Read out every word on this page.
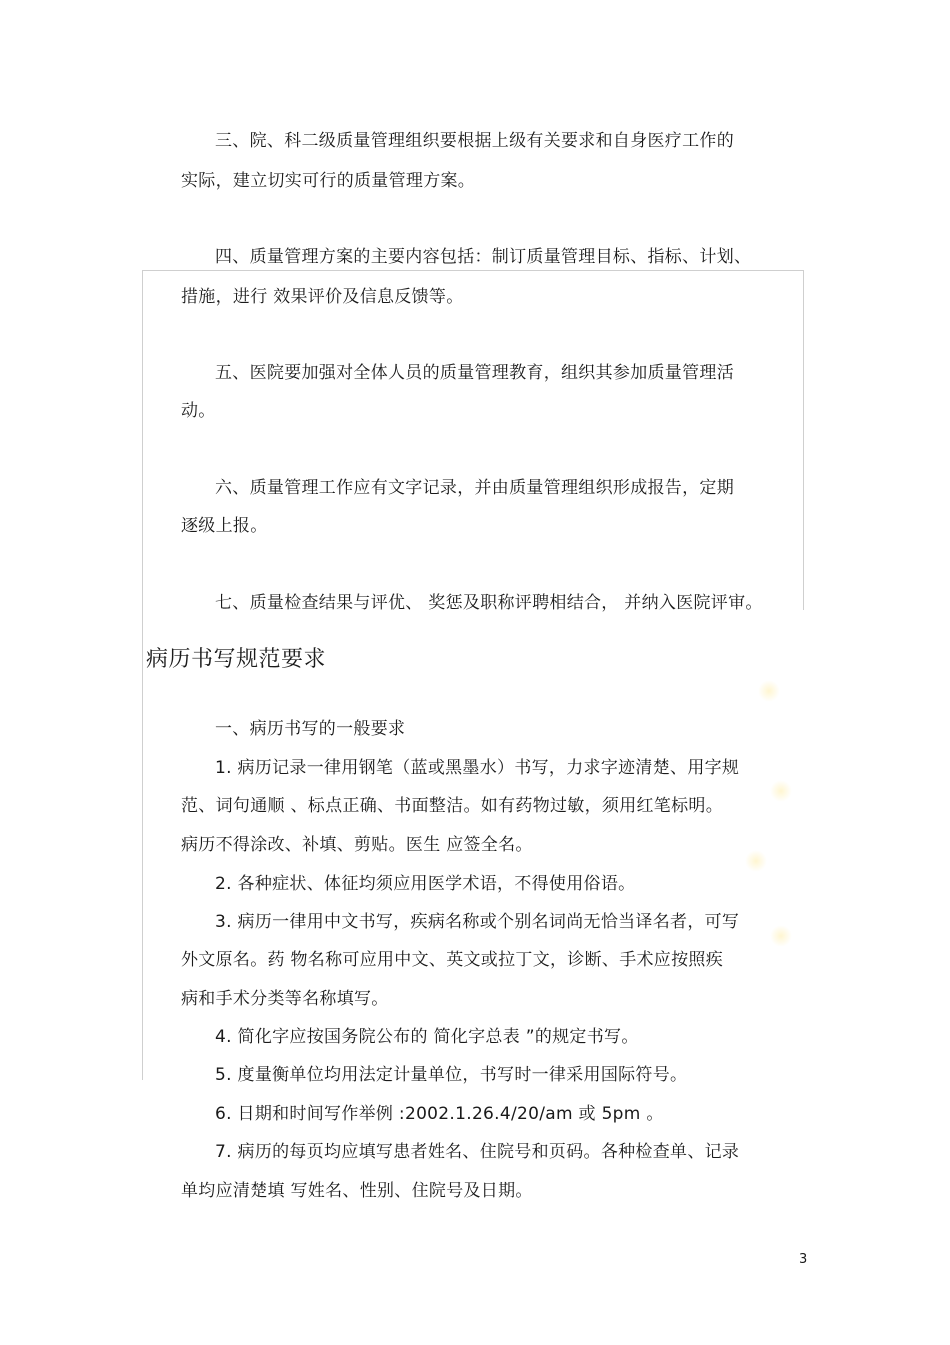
三、院、科二级质量管理组织要根据上级有关要求和自身医疗工作的
实际，建立切实可行的质量管理方案。
四、质量管理方案的主要内容包括：制订质量管理目标、指标、计划、
措施，进行 效果评价及信息反馈等。
五、医院要加强对全体人员的质量管理教育，组织其参加质量管理活
动。
六、质量管理工作应有文字记录，并由质量管理组织形成报告，定期
逐级上报。
七、质量检查结果与评优、 奖惩及职称评聘相结合， 并纳入医院评审。
病历书写规范要求
一、病历书写的一般要求
1. 病历记录一律用钢笔（蓝或黑墨水）书写，力求字迹清楚、用字规
范、词句通顺 、标点正确、书面整洁。如有药物过敏，须用红笔标明。
病历不得涂改、补填、剪贴。医生 应签全名。
2. 各种症状、体征均须应用医学术语，不得使用俗语。
3. 病历一律用中文书写，疾病名称或个别名词尚无恰当译名者，可写
外文原名。药 物名称可应用中文、英文或拉丁文，诊断、手术应按照疾
病和手术分类等名称填写。
4. 简化字应按国务院公布的 简化字总表 ”的规定书写。
5. 度量衡单位均用法定计量单位，书写时一律采用国际符号。
6. 日期和时间写作举例 :2002.1.26.4/20/am 或 5pm 。
7. 病历的每页均应填写患者姓名、住院号和页码。各种检查单、记录
单均应清楚填 写姓名、性别、住院号及日期。
3
